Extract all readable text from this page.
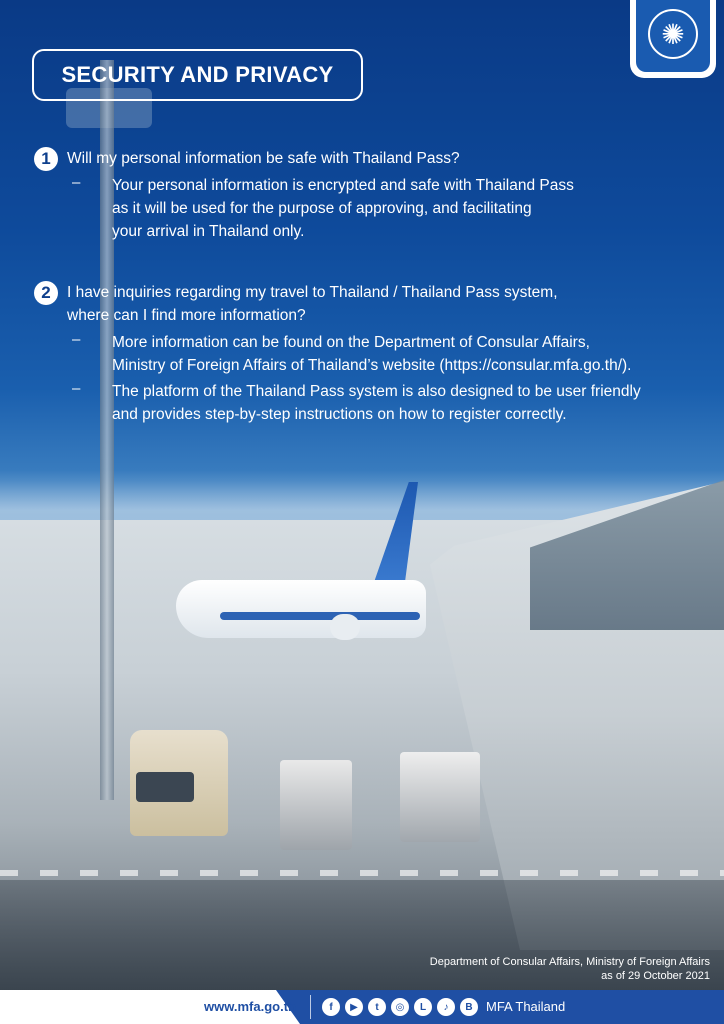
✺
SECURITY AND PRIVACY
1	Will my personal information be safe with Thailand Pass?
– Your personal information is encrypted and safe with Thailand Pass
as it will be used for the purpose of approving, and facilitating
your arrival in Thailand only.
2	I have inquiries regarding my travel to Thailand / Thailand Pass system,
where can I find more information?
– More information can be found on the Department of Consular Affairs,
Ministry of Foreign Affairs of Thailand’s website (https://consular.mfa.go.th/).
– The platform of the Thailand Pass system is also designed to be user friendly
and provides step-by-step instructions on how to register correctly.
Department of Consular Affairs, Ministry of Foreign Affairs
as of 29 October 2021
www.mfa.go.th	f	▶	t	◎	L	♪	B	MFA Thailand
